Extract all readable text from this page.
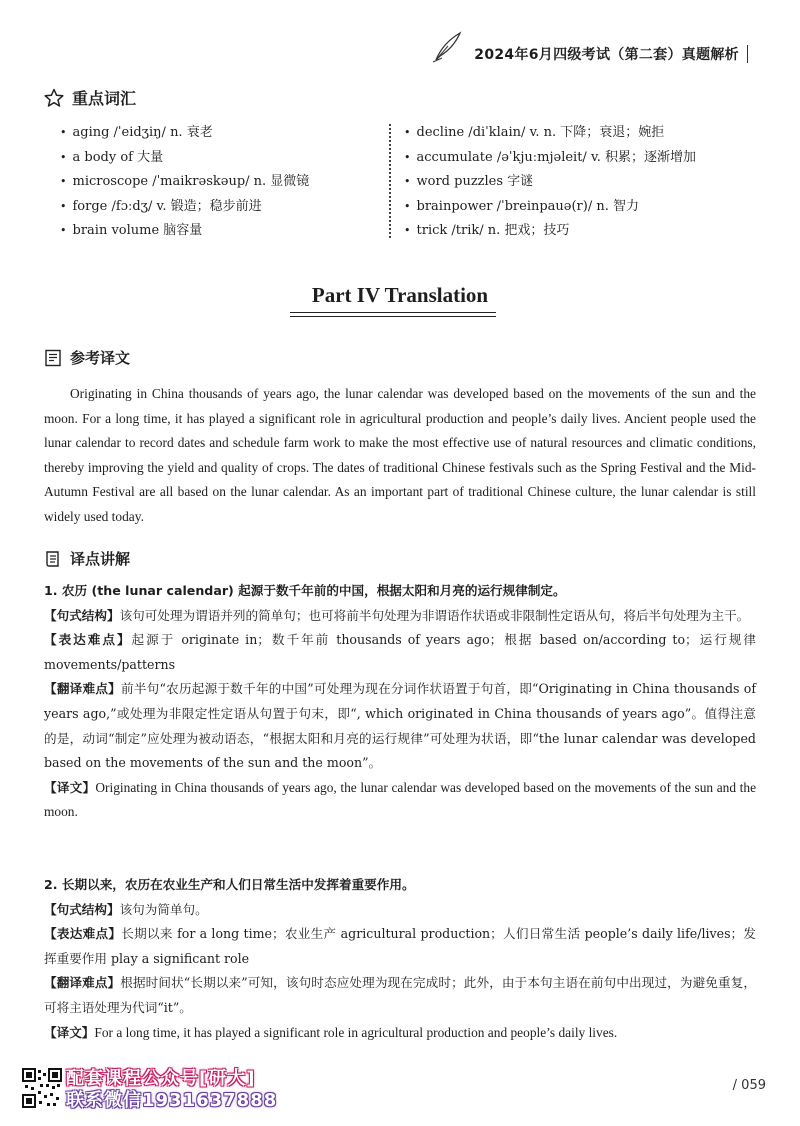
2024年6月四级考试（第二套）真题解析
重点词汇
• aging /ˈeidʒiŋ/ n. 衰老
• a body of 大量
• microscope /ˈmaikrəskəup/ n. 显微镜
• forge /fɔːdʒ/ v. 锻造；稳步前进
• brain volume 脑容量
• decline /diˈklain/ v. n. 下降；衰退；婉拒
• accumulate /əˈkjuːmjəleit/ v. 积累；逐渐增加
• word puzzles 字谜
• brainpower /ˈbreinpauə(r)/ n. 智力
• trick /trik/ n. 把戏；技巧
Part IV Translation
参考译文
Originating in China thousands of years ago, the lunar calendar was developed based on the movements of the sun and the moon. For a long time, it has played a significant role in agricultural production and people’s daily lives. Ancient people used the lunar calendar to record dates and schedule farm work to make the most effective use of natural resources and climatic conditions, thereby improving the yield and quality of crops. The dates of traditional Chinese festivals such as the Spring Festival and the Mid-Autumn Festival are all based on the lunar calendar. As an important part of traditional Chinese culture, the lunar calendar is still widely used today.
译点讲解

1. 农历 (the lunar calendar) 起源于数千年前的中国，根据太阳和月亮的运行规律制定。

【句式结构】该句可处理为谓语并列的简单句；也可将前半句处理为非谓语作状语或非限制性定语从句，将后半句处理为主干。

【表达难点】起源于 originate in；数千年前 thousands of years ago；根据 based on/according to；运行规律 movements/patterns

【翻译难点】前半句“农历起源于数千年的中国”可处理为现在分词作状语置于句首，即“Originating in China thousands of years ago,”或处理为非限定性定语从句置于句末，即“, which originated in China thousands of years ago”。值得注意的是，动词“制定”应处理为被动语态，“根据太阳和月亮的运行规律”可处理为状语，即“the lunar calendar was developed based on the movements of the sun and the moon”。

【译文】Originating in China thousands of years ago, the lunar calendar was developed based on the movements of the sun and the moon.

2. 长期以来，农历在农业生产和人们日常生活中发挥着重要作用。

【句式结构】该句为简单句。

【表达难点】长期以来 for a long time；农业生产 agricultural production；人们日常生活 people’s daily life/lives；发挥重要作用 play a significant role

【翻译难点】根据时间状“长期以来”可知，该句时态应处理为现在完成时；此外，由于本句主语在前句中出现过，为避免重复，可将主语处理为代词“it”。

【译文】For a long time, it has played a significant role in agricultural production and people’s daily lives.

配套课程公众号[研大]
联系微信1931637888
/ 059
